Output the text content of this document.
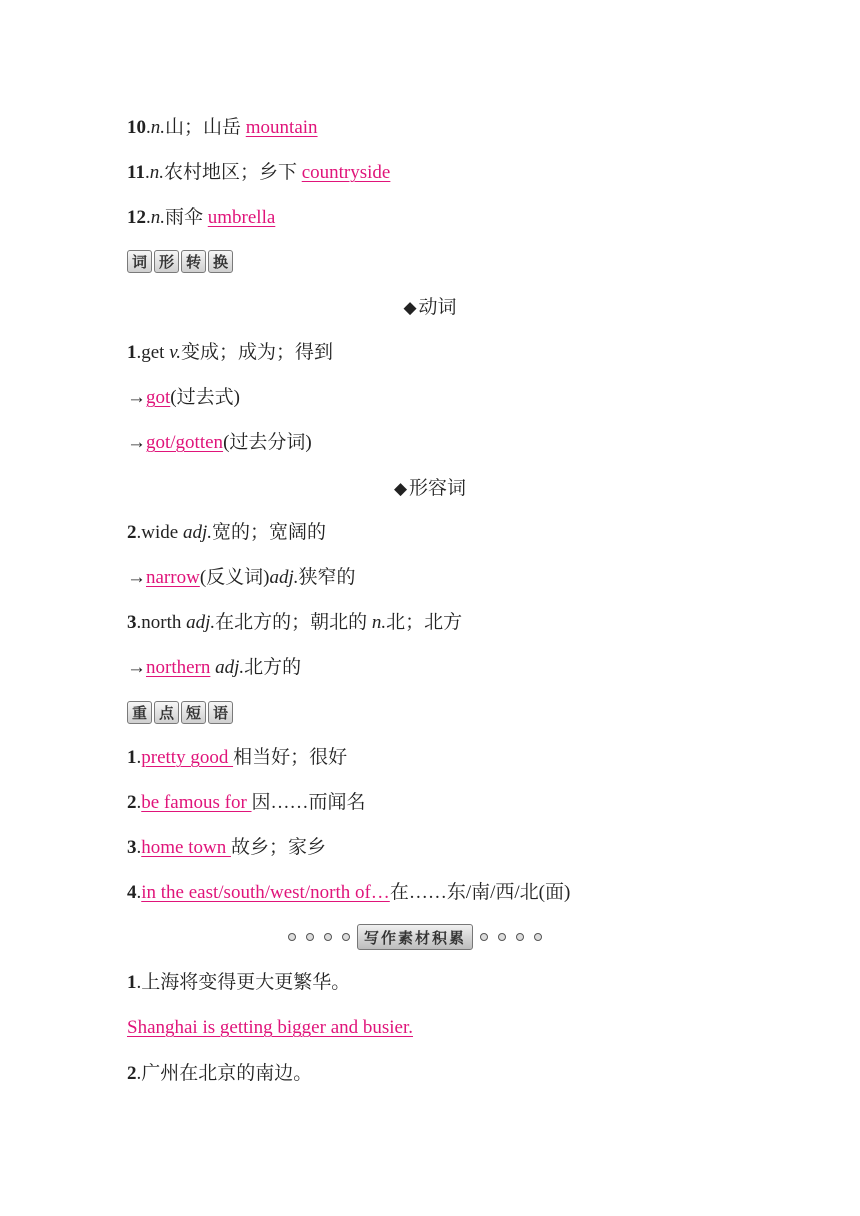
10.n.山；山岳 mountain
11.n.农村地区；乡下 countryside
12.n.雨伞 umbrella
词 形 转 换
◆ 动词
1.get v.变成；成为；得到
→got(过去式)
→got/gotten(过去分词)
◆ 形容词
2.wide adj.宽的；宽阔的
→narrow(反义词)adj.狭窄的
3.north adj.在北方的；朝北的 n.北；北方
→northern adj.北方的
重 点 短 语
1.pretty good 相当好；很好
2.be famous for 因……而闻名
3.home town 故乡；家乡
4.in the east/south/west/north of…在……东/南/西/北(面)
写作素材积累
1.上海将变得更大更繁华。
Shanghai is getting bigger and busier.
2.广州在北京的南边。
